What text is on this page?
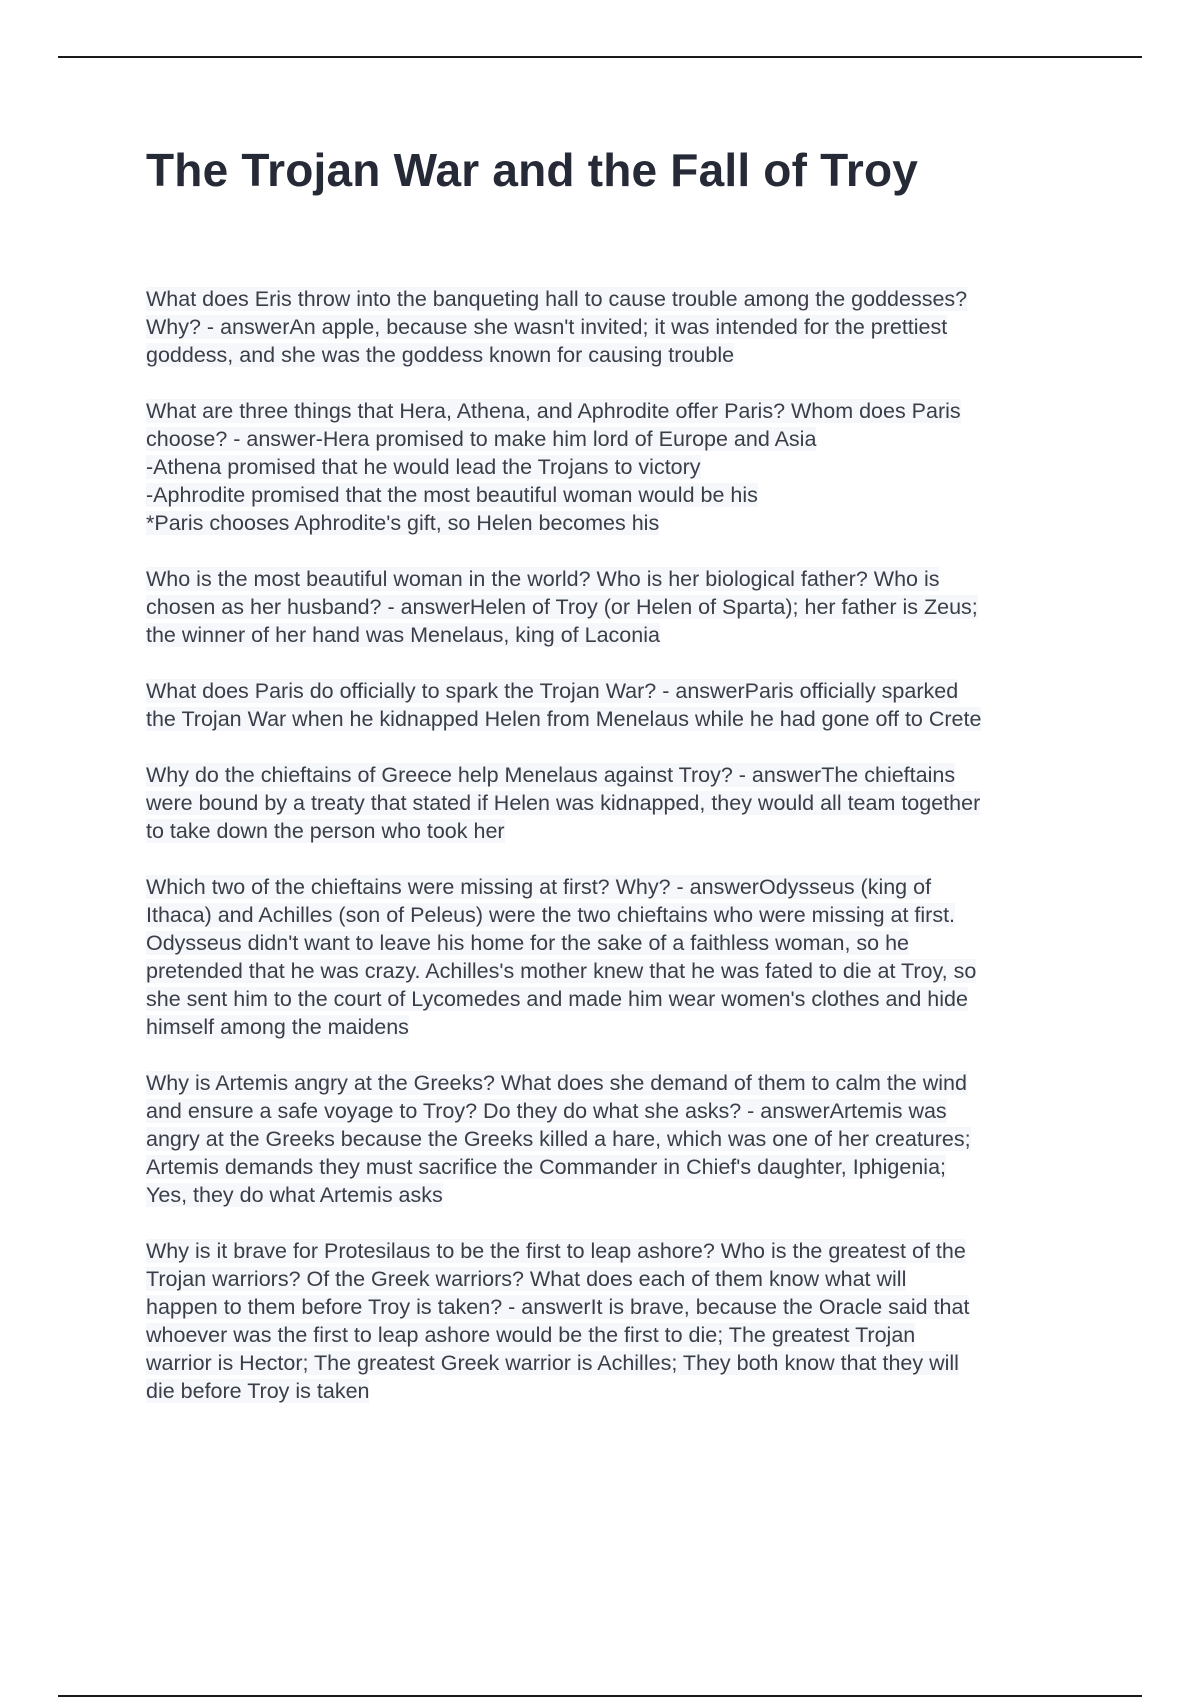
The Trojan War and the Fall of Troy
What does Eris throw into the banqueting hall to cause trouble among the goddesses?
Why? - answerAn apple, because she wasn't invited; it was intended for the prettiest
goddess, and she was the goddess known for causing trouble
What are three things that Hera, Athena, and Aphrodite offer Paris? Whom does Paris
choose? - answer-Hera promised to make him lord of Europe and Asia
-Athena promised that he would lead the Trojans to victory
-Aphrodite promised that the most beautiful woman would be his
*Paris chooses Aphrodite's gift, so Helen becomes his
Who is the most beautiful woman in the world? Who is her biological father? Who is
chosen as her husband? - answerHelen of Troy (or Helen of Sparta); her father is Zeus;
the winner of her hand was Menelaus, king of Laconia
What does Paris do officially to spark the Trojan War? - answerParis officially sparked
the Trojan War when he kidnapped Helen from Menelaus while he had gone off to Crete
Why do the chieftains of Greece help Menelaus against Troy? - answerThe chieftains
were bound by a treaty that stated if Helen was kidnapped, they would all team together
to take down the person who took her
Which two of the chieftains were missing at first? Why? - answerOdysseus (king of
Ithaca) and Achilles (son of Peleus) were the two chieftains who were missing at first.
Odysseus didn't want to leave his home for the sake of a faithless woman, so he
pretended that he was crazy. Achilles's mother knew that he was fated to die at Troy, so
she sent him to the court of Lycomedes and made him wear women's clothes and hide
himself among the maidens
Why is Artemis angry at the Greeks? What does she demand of them to calm the wind
and ensure a safe voyage to Troy? Do they do what she asks? - answerArtemis was
angry at the Greeks because the Greeks killed a hare, which was one of her creatures;
Artemis demands they must sacrifice the Commander in Chief's daughter, Iphigenia;
Yes, they do what Artemis asks
Why is it brave for Protesilaus to be the first to leap ashore? Who is the greatest of the
Trojan warriors? Of the Greek warriors? What does each of them know what will
happen to them before Troy is taken? - answerIt is brave, because the Oracle said that
whoever was the first to leap ashore would be the first to die; The greatest Trojan
warrior is Hector; The greatest Greek warrior is Achilles; They both know that they will
die before Troy is taken
